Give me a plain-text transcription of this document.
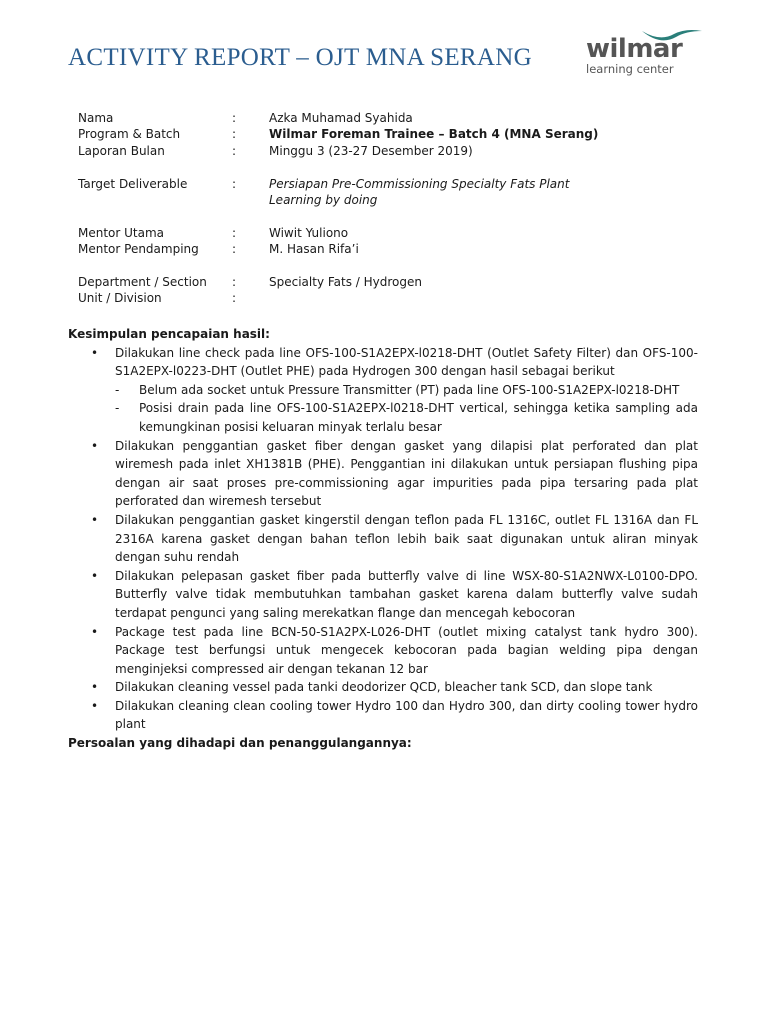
ACTIVITY REPORT – OJT MNA SERANG wilmar
learning center
Nama	:	Azka Muhamad Syahida
Program & Batch	:	Wilmar Foreman Trainee – Batch 4 (MNA Serang)
Laporan Bulan	:	Minggu 3 (23-27 Desember 2019)
Target Deliverable	:	Persiapan Pre-Commissioning Specialty Fats Plant
Learning by doing
Mentor Utama	:	Wiwit Yuliono
Mentor Pendamping	:	M. Hasan Rifa’i
Department / Section	:	Specialty Fats / Hydrogen
Unit / Division	:
Kesimpulan pencapaian hasil:
• Dilakukan line check pada line OFS-100-S1A2EPX-l0218-DHT (Outlet Safety Filter) dan OFS-100-S1A2EPX-l0223-DHT (Outlet PHE) pada Hydrogen 300 dengan hasil sebagai berikut
- Belum ada socket untuk Pressure Transmitter (PT) pada line OFS-100-S1A2EPX-l0218-DHT
- Posisi drain pada line OFS-100-S1A2EPX-l0218-DHT vertical, sehingga ketika sampling ada kemungkinan posisi keluaran minyak terlalu besar
• Dilakukan penggantian gasket fiber dengan gasket yang dilapisi plat perforated dan plat wiremesh pada inlet XH1381B (PHE). Penggantian ini dilakukan untuk persiapan flushing pipa dengan air saat proses pre-commissioning agar impurities pada pipa tersaring pada plat perforated dan wiremesh tersebut
• Dilakukan penggantian gasket kingerstil dengan teflon pada FL 1316C, outlet FL 1316A dan FL 2316A karena gasket dengan bahan teflon lebih baik saat digunakan untuk aliran minyak dengan suhu rendah
• Dilakukan pelepasan gasket fiber pada butterfly valve di line WSX-80-S1A2NWX-L0100-DPO. Butterfly valve tidak membutuhkan tambahan gasket karena dalam butterfly valve sudah terdapat pengunci yang saling merekatkan flange dan mencegah kebocoran
• Package test pada line BCN-50-S1A2PX-L026-DHT (outlet mixing catalyst tank hydro 300). Package test berfungsi untuk mengecek kebocoran pada bagian welding pipa dengan menginjeksi compressed air dengan tekanan 12 bar
• Dilakukan cleaning vessel pada tanki deodorizer QCD, bleacher tank SCD, dan slope tank
• Dilakukan cleaning clean cooling tower Hydro 100 dan Hydro 300, dan dirty cooling tower hydro plant
Persoalan yang dihadapi dan penanggulangannya:
